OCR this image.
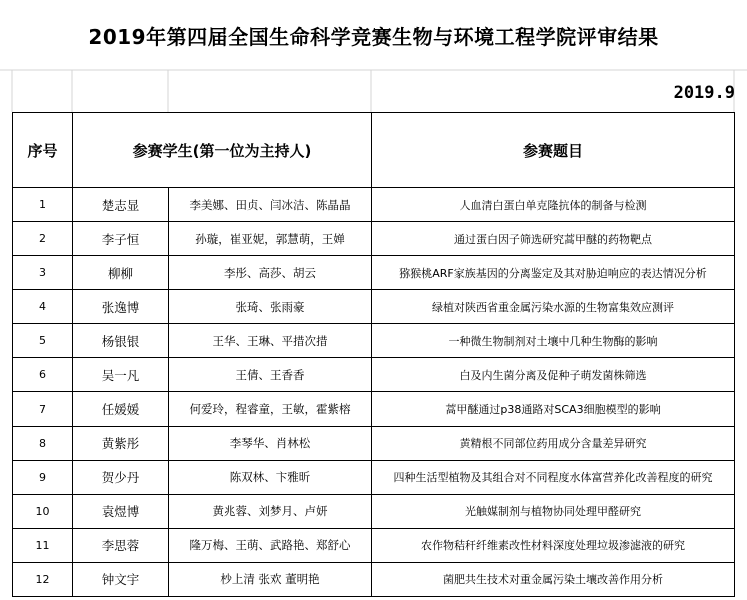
2019年第四届全国生命科学竞赛生物与环境工程学院评审结果
2019.9
序号	参赛学生(第一位为主持人)		参赛题目
1	楚志显	李美娜、田贞、闫冰洁、陈晶晶	人血清白蛋白单克隆抗体的制备与检测
2	李子恒	孙璇，崔亚妮，郭慧萌，王婵	通过蛋白因子筛选研究蒿甲醚的药物靶点
3	柳柳	李彤、高莎、胡云	猕猴桃ARF家族基因的分离鉴定及其对胁迫响应的表达情况分析
4	张逸博	张琦、张雨豪	绿植对陕西省重金属污染水源的生物富集效应测评
5	杨银银	王华、王琳、平措次措	一种微生物制剂对土壤中几种生物酶的影响
6	吴一凡	王倩、王香香	白及内生菌分离及促种子萌发菌株筛选
7	任媛媛	何爱玲，程睿童，王敏，霍紫榕	蒿甲醚通过p38通路对SCA3细胞模型的影响
8	黄紫彤	李琴华、肖林松	黄精根不同部位药用成分含量差异研究
9	贺少丹	陈双林、卞雅昕	四种生活型植物及其组合对不同程度水体富营养化改善程度的研究
10	袁煜博	黄兆蓉、刘梦月、卢妍	光触媒制剂与植物协同处理甲醛研究
11	李思蓉	隆万梅、王萌、武路艳、郑舒心	农作物秸秆纤维素改性材料深度处理垃圾渗滤液的研究
12	钟文宇	杪上清 张欢 董明艳	菌肥共生技术对重金属污染土壤改善作用分析
